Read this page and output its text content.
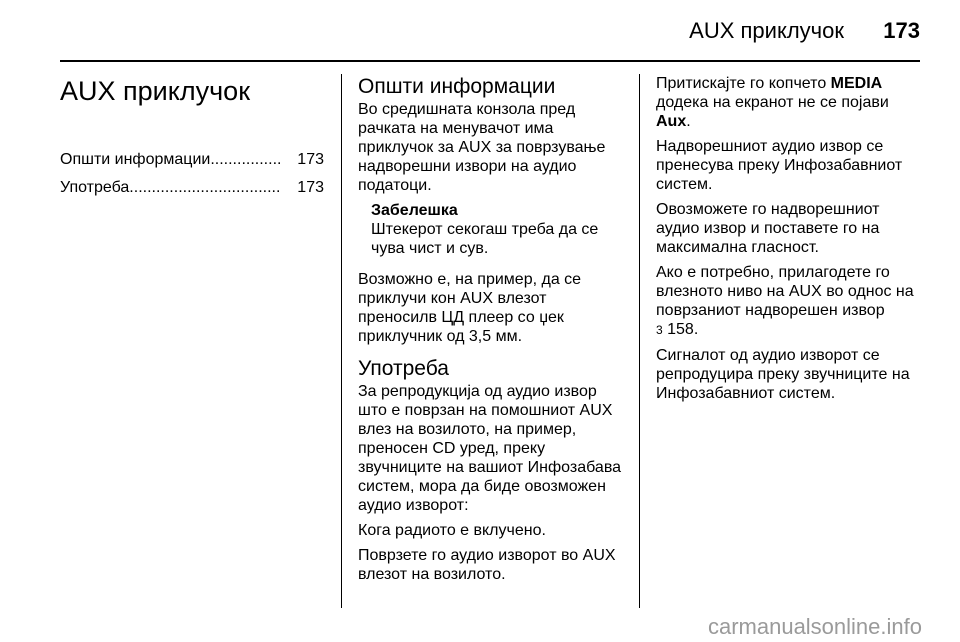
AUX приклучок 173
AUX приклучок
Општи информации ................ 173
Употреба ..................................	173
Општи информации

Во средишната конзола пред рачката на менувачот има приклучок за AUX за поврзување надворешни извори на аудио податоци.

Забелешка
Штекерот секогаш треба да се чува чист и сув.

Возможно е, на пример, да се приклучи кон AUX влезот преносилв ЦД плеер со џек приклучник од 3,5 мм.

Употреба

За репродукција од аудио извор што е поврзан на помошниот AUX влез на возилото, на пример, преносен CD уред, преку звучниците на вашиот Инфозабава систем, мора да биде овозможен аудио изворот:

Кога радиото е вклучено.

Поврзете го аудио изворот во AUX влезот на возилото.

Притискајте го копчето MEDIA додека на екранот не се појави Aux.

Надворешниот аудио извор се пренесува преку Инфозабавниот систем.

Овозможете го надворешниот аудио извор и поставете го на максимална гласност.

Ако е потребно, прилагодете го влезното ниво на AUX во однос на поврзаниот надворешен извор
3 158.

Сигналот од аудио изворот се репродуцира преку звучниците на Инфозабавниот систем.

carmanualsonline.info
